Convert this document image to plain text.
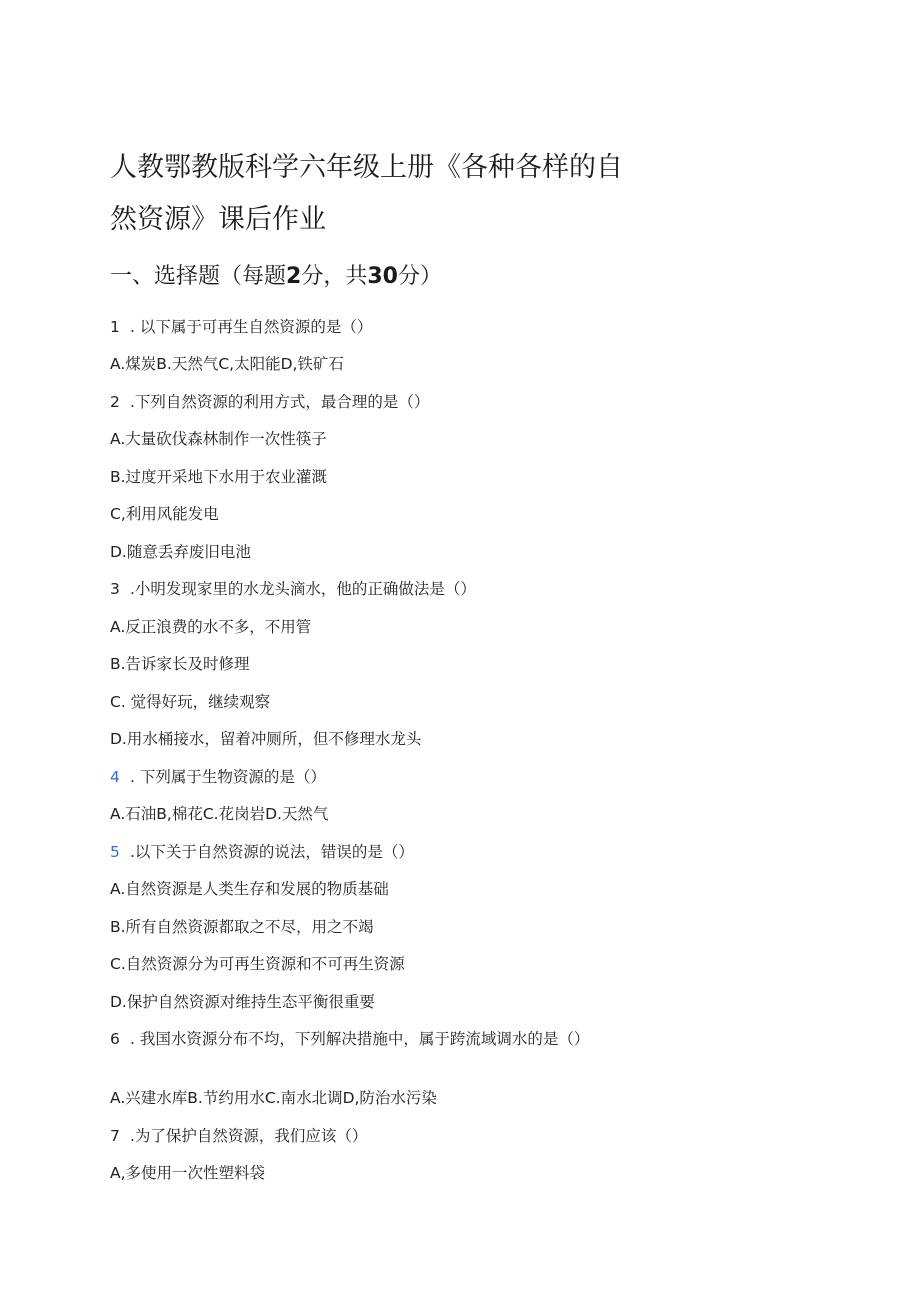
人教鄂教版科学六年级上册《各种各样的自
然资源》课后作业
一、选择题（每题2分，共30分）
1 . 以下属于可再生自然资源的是（）
A.煤炭B.天然气C,太阳能D,铁矿石
2 .下列自然资源的利用方式，最合理的是（）
A.大量砍伐森林制作一次性筷子
B.过度开采地下水用于农业灌溉
C,利用风能发电
D.随意丢弃废旧电池
3 .小明发现家里的水龙头滴水，他的正确做法是（）
A.反正浪费的水不多，不用管
B.告诉家长及时修理
C. 觉得好玩，继续观察
D.用水桶接水，留着冲厕所，但不修理水龙头
4 . 下列属于生物资源的是（）
A.石油B,棉花C.花岗岩D.天然气
5 .以下关于自然资源的说法，错误的是（）
A.自然资源是人类生存和发展的物质基础
B.所有自然资源都取之不尽，用之不竭
C.自然资源分为可再生资源和不可再生资源
D.保护自然资源对维持生态平衡很重要
6 . 我国水资源分布不均，下列解决措施中，属于跨流域调水的是（）
A.兴建水库B.节约用水C.南水北调D,防治水污染
7 .为了保护自然资源，我们应该（）
A,多使用一次性塑料袋
